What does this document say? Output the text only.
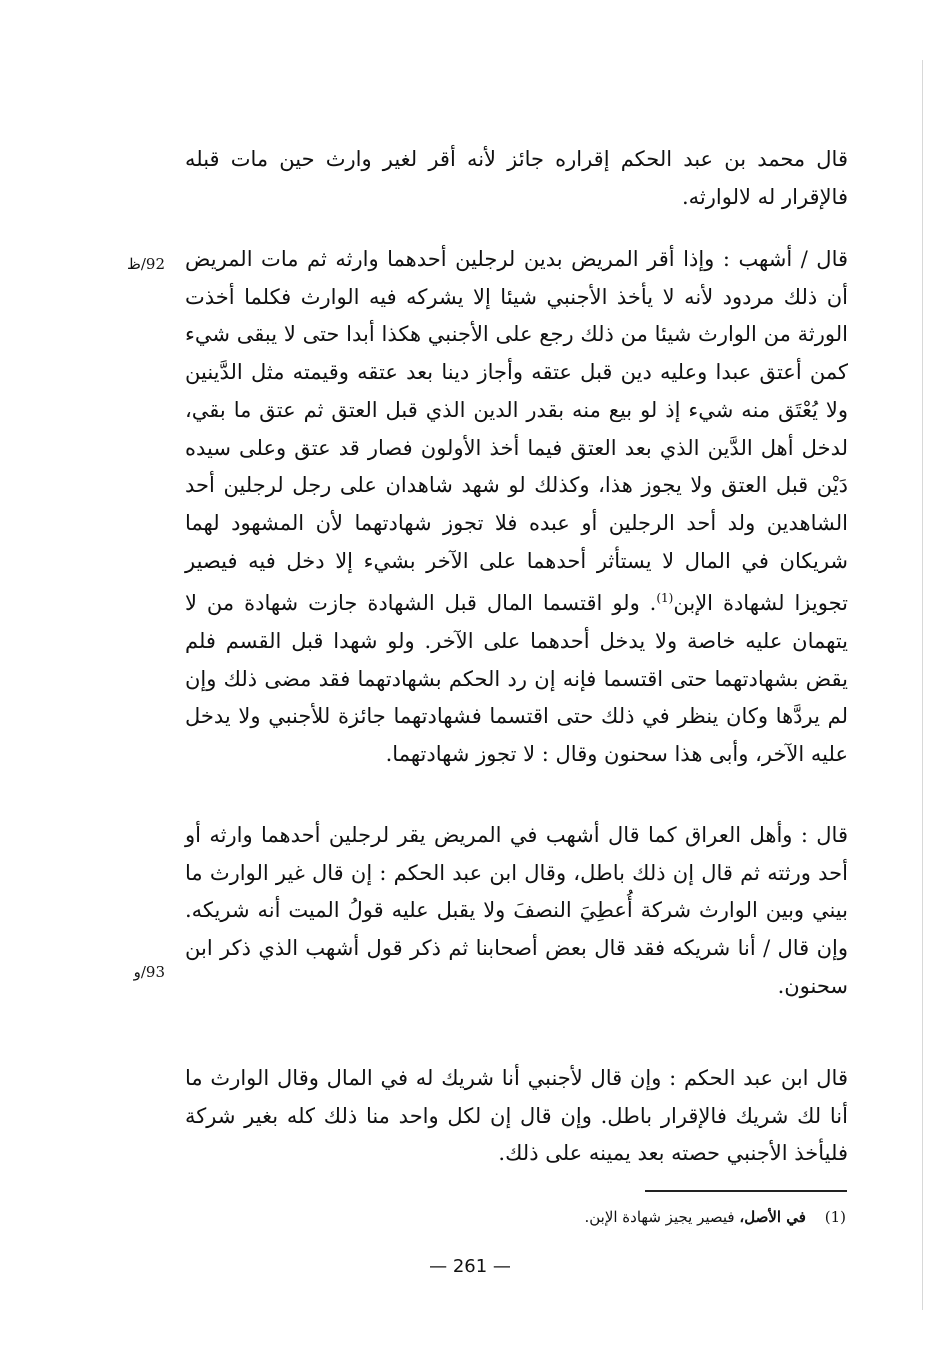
قال محمد بن عبد الحكم إقراره جائز لأنه أقر لغير وارث حين مات قبله فالإقرار له لالوارثه.

قال / أشهب : وإذا أقر المريض بدين لرجلين أحدهما وارثه ثم مات المريض أن ذلك مردود لأنه لا يأخذ الأجنبي شيئا إلا يشركه فيه الوارث فكلما أخذت الورثة من الوارث شيئا من ذلك رجع على الأجنبي هكذا أبدا حتى لا يبقى شيء كمن أعتق عبدا وعليه دين قبل عتقه وأجاز دينا بعد عتقه وقيمته مثل الدَّينين ولا يُعْتَق منه شيء إذ لو بيع منه بقدر الدين الذي قبل العتق ثم عتق ما بقي، لدخل أهل الدَّين الذي بعد العتق فيما أخذ الأولون فصار قد عتق وعلى سيده دَيْن قبل العتق ولا يجوز هذا، وكذلك لو شهد شاهدان على رجل لرجلين أحد الشاهدين ولد أحد الرجلين أو عبده فلا تجوز شهادتهما لأن المشهود لهما شريكان في المال لا يستأثر أحدهما على الآخر بشيء إلا دخل فيه فيصير تجويزا لشهادة الإبن$^{(1)}$. ولو اقتسما المال قبل الشهادة جازت شهادة من لا يتهمان عليه خاصة ولا يدخل أحدهما على الآخر. ولو شهدا قبل القسم فلم يقض بشهادتهما حتى اقتسما فإنه إن رد الحكم بشهادتهما فقد مضى ذلك وإن لم يردَّها وكان ينظر في ذلك حتى اقتسما فشهادتهما جائزة للأجنبي ولا يدخل عليه الآخر، وأبى هذا سحنون وقال : لا تجوز شهادتهما.

قال : وأهل العراق كما قال أشهب في المريض يقر لرجلين أحدهما وارثه أو أحد ورثته ثم قال إن ذلك باطل، وقال ابن عبد الحكم : إن قال غير الوارث ما بيني وبين الوارث شركة أُعطِيَ النصفَ ولا يقبل عليه قولُ الميت أنه شريكه. وإن قال / أنا شريكه فقد قال بعض أصحابنا ثم ذكر قول أشهب الذي ذكر ابن سحنون.

قال ابن عبد الحكم : وإن قال لأجنبي أنا شريك له في المال وقال الوارث ما أنا لك شريك فالإقرار باطل. وإن قال إن لكل واحد منا ذلك كله بغير شركة فليأخذ الأجنبي حصته بعد يمينه على ذلك.

92/ظ
93/و
(1) في الأصل، فيصير يجيز شهادة الإبن.
— 261 —
